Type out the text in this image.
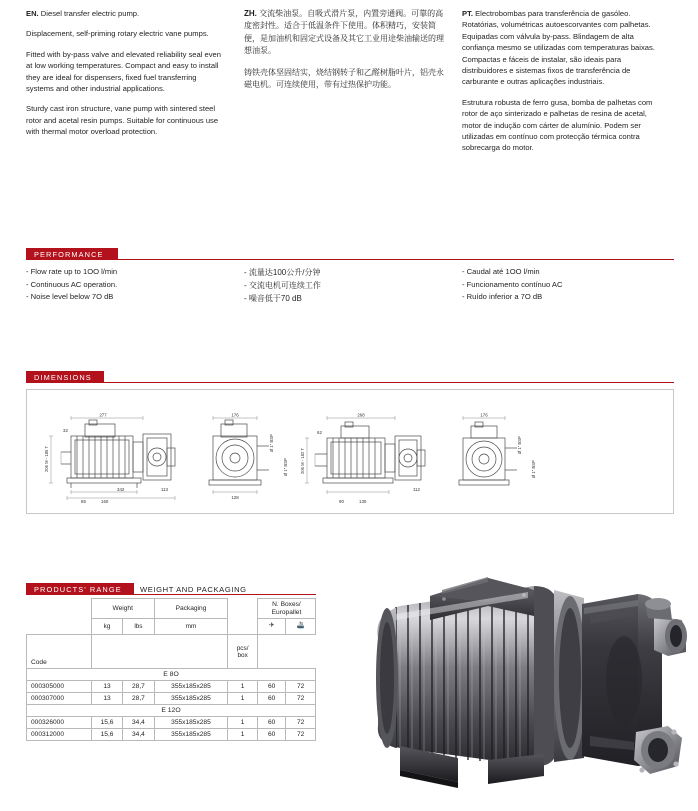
EN. Diesel transfer electric pump.

Displacement, self-priming rotary electric vane pumps.

Fitted with by-pass valve and elevated reliability seal even at low working temperatures. Compact and easy to install they are ideal for dispensers, fixed fuel transferring systems and other industrial applications.

Sturdy cast iron structure, vane pump with sintered steel rotor and acetal resin pumps. Suitable for continuous use with thermal motor overload protection.

ZH. 交流柴油泵。自吸式滑片泵，内置旁通阀。可靠的高度密封性。适合于低温条件下使用。体积精巧，安装简便，是加油机和固定式设备及其它工业用途柴油输送的理想油泵。

铸铁壳体坚固结实，烧结钢转子和乙醛树脂叶片，铝壳永磁电机。可连续使用，带有过热保护功能。

PT. Electrobombas para transferência de gasóleo. Rotatórias, volumétricas autoescorvantes com palhetas. Equipadas com válvula by-pass. Blindagem de alta confiança mesmo se utilizadas com temperaturas baixas. Compactas e fáceis de instalar, são ideais para distribuidores e sistemas fixos de transferência de carburante e outras aplicações industriais.

Estrutura robusta de ferro gusa, bomba de palhetas com rotor de aço sinterizado e palhetas de resina de acetal, motor de indução com cárter de alumínio. Podem ser utilizadas em contínuo com protecção térmica contra sobrecarga do motor.

PERFORMANCE
- Flow rate up to 1OO l/min
- Continuous AC operation.
- Noise level below 7O dB
- 流量达100公升/分钟
- 交流电机可连续工作
- 噪音低于70 dB
- Caudal até 1OO l/min
- Funcionamento contínuo AC
- Ruído inferior a 7O dB
DIMENSIONS
277
85	160
342
32
206 M - 185 T
113
176
128
Ø 1" BSP
Ø 1" BSP
268
90	130
62
112
206 M - 182 T
176
Ø 1" BSP
Ø 1" BSP
PRODUCTS' RANGE	WEIGHT AND PACKAGING
	Weight		Packaging		N. Boxes/
Europallet	
	kg	lbs	mm		✈	🚢
Code				pcs/
box		
E 8O						
000305000	13	28,7	355x185x285	1	60	72
000307000	13	28,7	355x185x285	1	60	72
E 12O						
000326000	15,6	34,4	355x185x285	1	60	72
000312000	15,6	34,4	355x185x285	1	60	72
